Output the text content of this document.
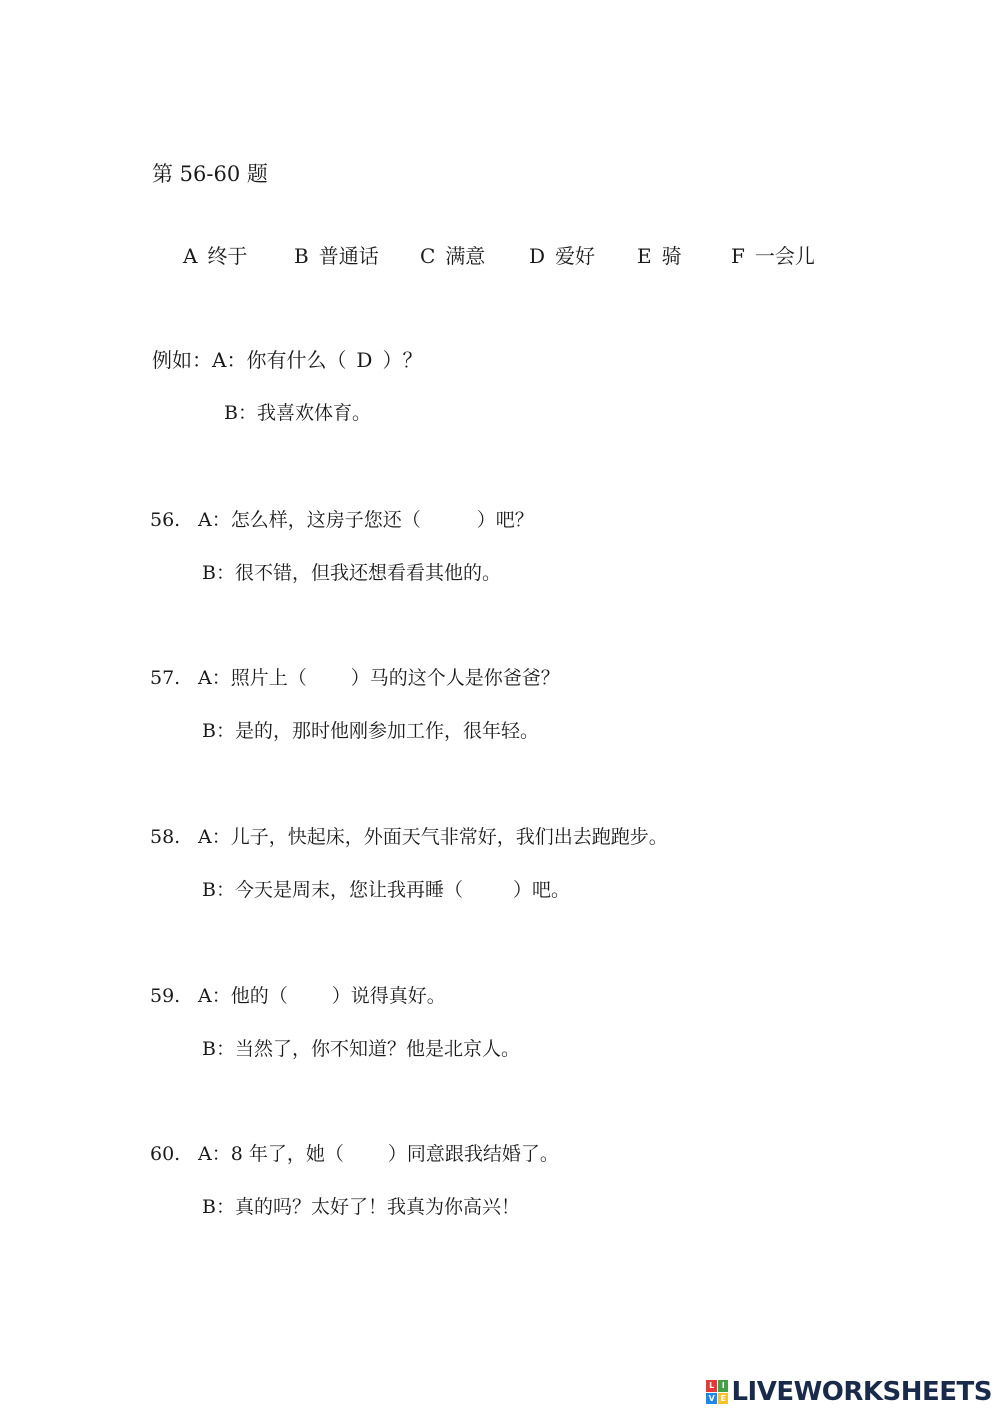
第 56-60 题
A 终于 B 普通话 C 满意 D 爱好 E 骑 F 一会儿
例如：A：你有什么（ D ）？
B：我喜欢体育。
56. A：怎么样，这房子您还（	）吧？
B：很不错，但我还想看看其他的。
57. A：照片上（ ）马的这个人是你爸爸？
B：是的，那时他刚参加工作，很年轻。
58. A：儿子，快起床，外面天气非常好，我们出去跑跑步。
B：今天是周末，您让我再睡（	）吧。
59. A：他的（ ）说得真好。
B：当然了，你不知道？他是北京人。
60. A：8 年了，她（ ）同意跟我结婚了。
B：真的吗？太好了！我真为你高兴！
L I
V E LIVEWORKSHEETS
